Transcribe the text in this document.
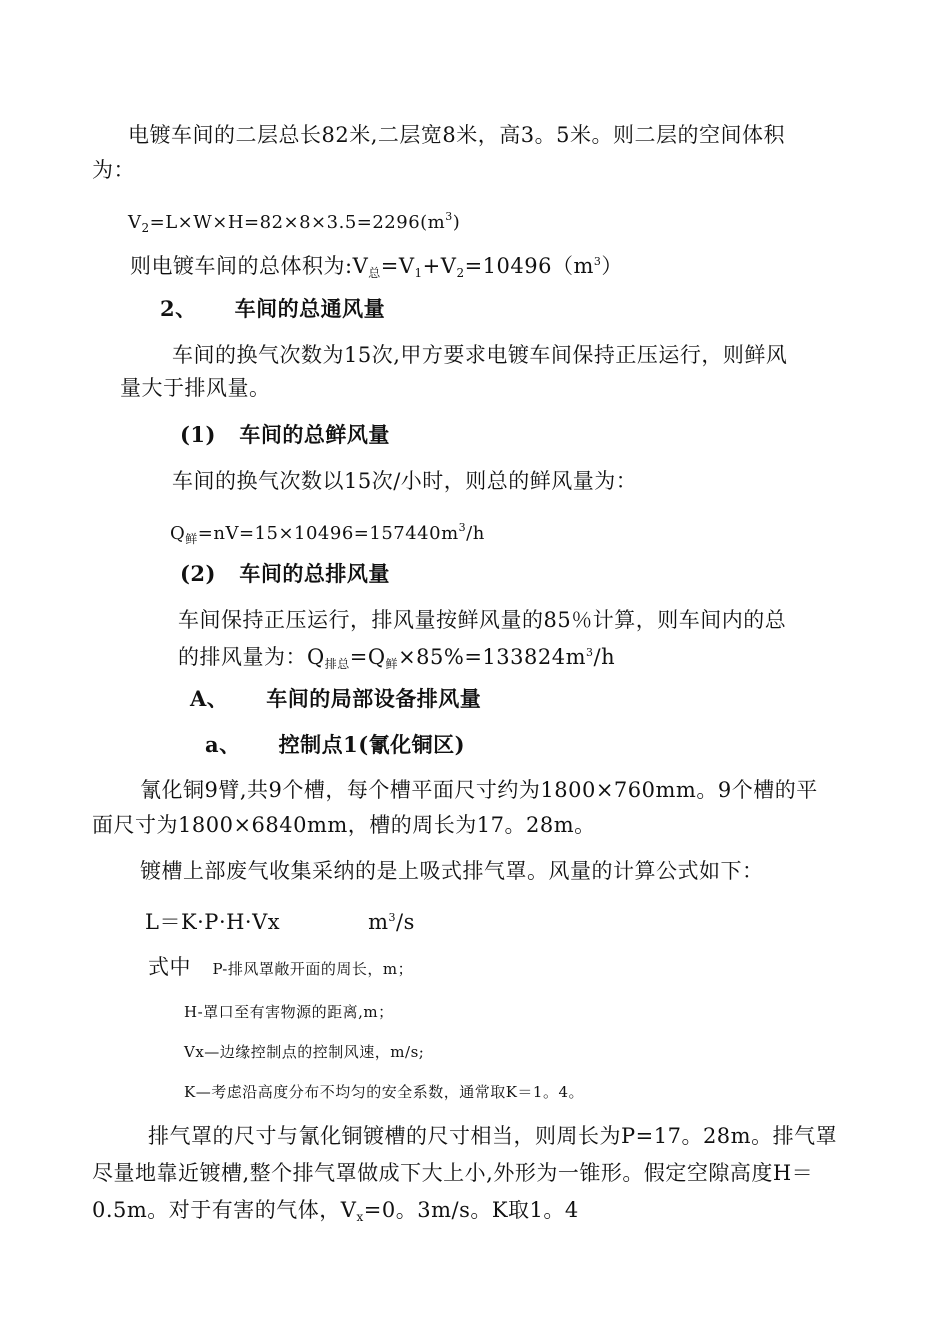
电镀车间的二层总长82米,二层宽8米，高3。5米。则二层的空间体积
为：
$V_2=L\times W\times H=82\times 8\times 3.5=2296(m^3)$
则电镀车间的总体积为$:V_总=V_1+V_2=10496(m^3)$
2、 车间的总通风量
车间的换气次数为15次,甲方要求电镀车间保持正压运行，则鲜风
量大于排风量。
(1) 车间的总鲜风量
车间的换气次数以15次/小时，则总的鲜风量为：
$Q_鲜=nV=15\times 10496=157440m^3/h$
(2) 车间的总排风量
车间保持正压运行，排风量按鲜风量的85％计算，则车间内的总
的排风量为：$Q_{排总}=Q_鲜\times 85\%=133824m^3/h$
A、 车间的局部设备排风量
a、 控制点1(氰化铜区)
氰化铜9臂,共9个槽，每个槽平面尺寸约为1800×760mm。9个槽的平
面尺寸为1800×6840mm，槽的周长为17。28m。
镀槽上部废气收集采纳的是上吸式排气罩。风量的计算公式如下：
L＝K·P·H·Vx	$m^3/s$
式中 P-排风罩敞开面的周长，m；
H-罩口至有害物源的距离,m；
Vx—边缘控制点的控制风速，m/s;
K—考虑沿高度分布不均匀的安全系数，通常取K＝1。4。
排气罩的尺寸与氰化铜镀槽的尺寸相当，则周长为P=17。28m。排气罩
尽量地靠近镀槽,整个排气罩做成下大上小,外形为一锥形。假定空隙高度H＝
0.5m。对于有害的气体，$V_x=0$。3m/s。K取1。4
